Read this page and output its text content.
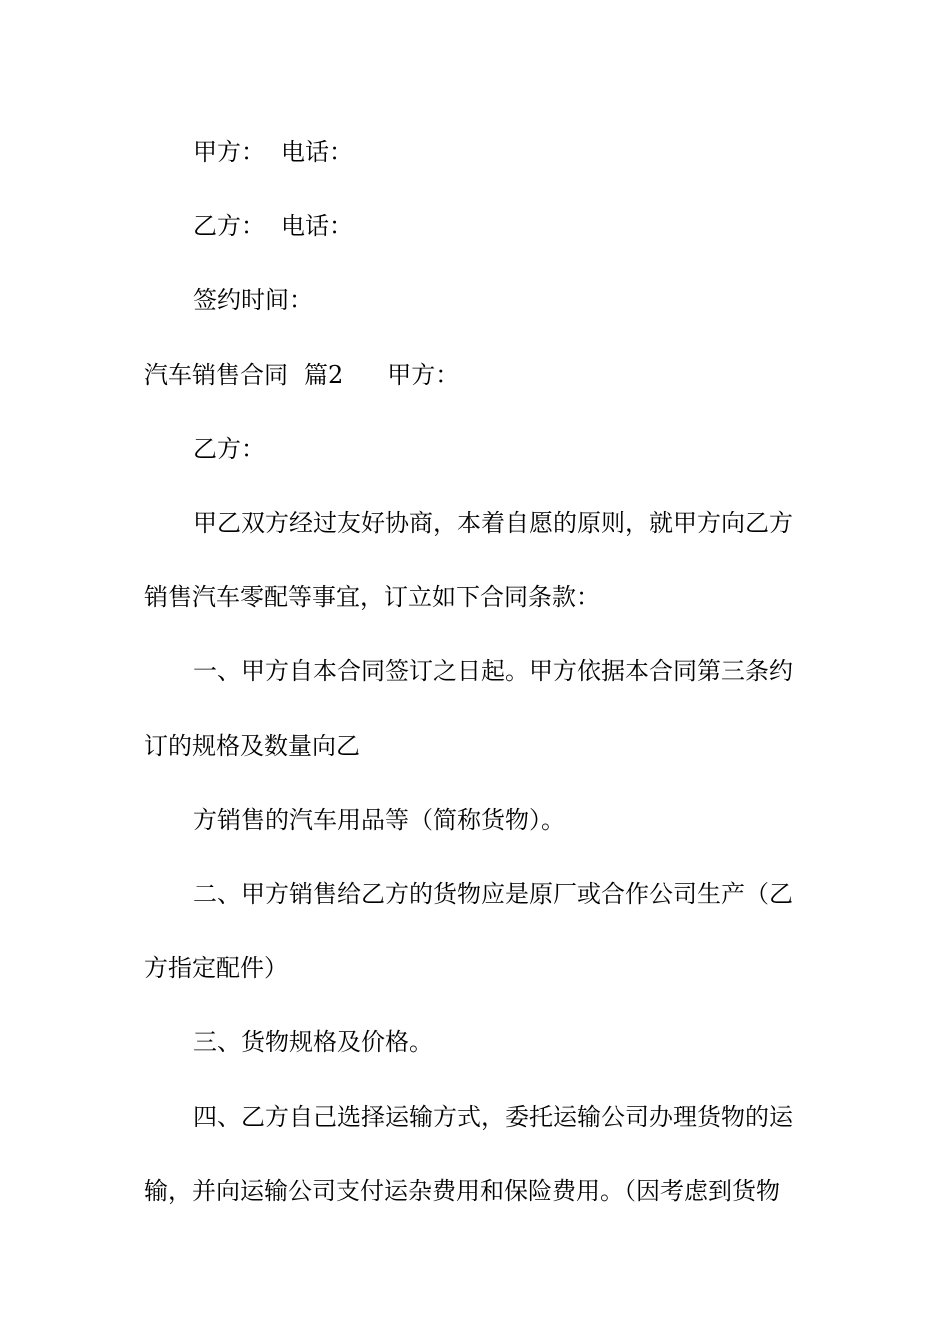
甲方： 电话：
乙方： 电话：
签约时间：
汽车销售合同 篇2 甲方：
乙方：
甲乙双方经过友好协商，本着自愿的原则，就甲方向乙方
销售汽车零配等事宜，订立如下合同条款：
一、甲方自本合同签订之日起。甲方依据本合同第三条约
订的规格及数量向乙
方销售的汽车用品等（简称货物）。
二、甲方销售给乙方的货物应是原厂或合作公司生产（乙
方指定配件）
三、货物规格及价格。
四、乙方自己选择运输方式，委托运输公司办理货物的运
输，并向运输公司支付运杂费用和保险费用。（因考虑到货物
